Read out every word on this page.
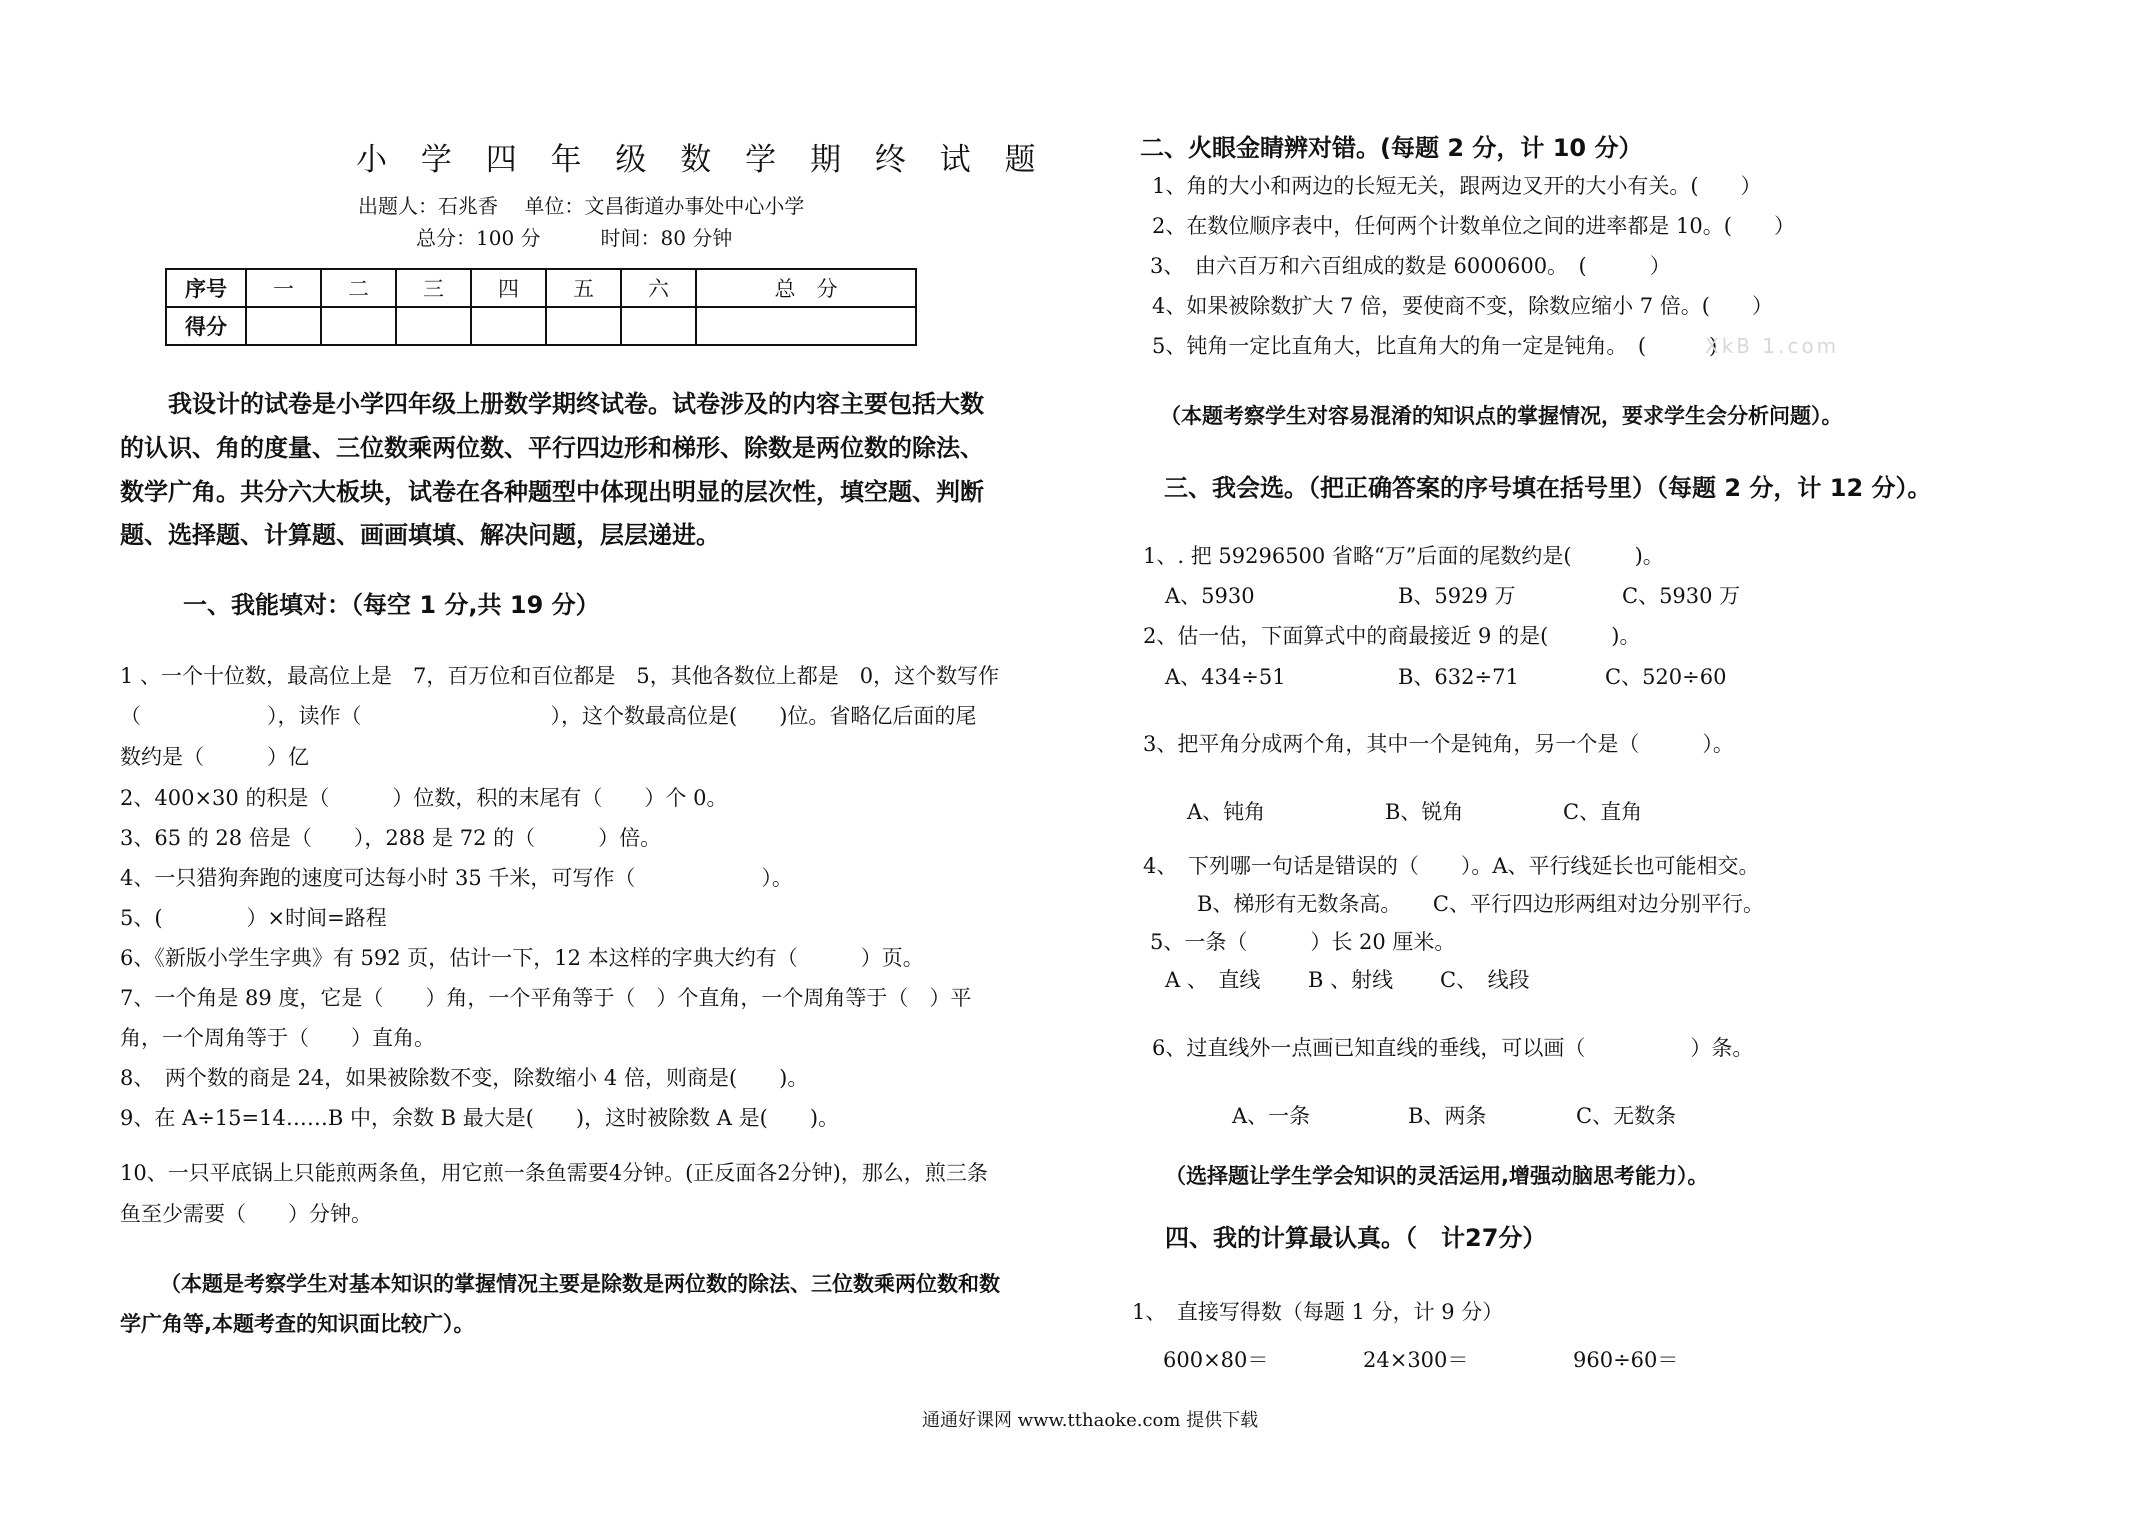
小 学 四 年 级 数 学 期 终 试 题
出题人：石兆香　 单位：文昌街道办事处中心小学
总分：100 分　　　时间：80 分钟
序号	一	二	三	四	五	六	总　分
得分							
我设计的试卷是小学四年级上册数学期终试卷。试卷涉及的内容主要包括大数
的认识、角的度量、三位数乘两位数、平行四边形和梯形、除数是两位数的除法、
数学广角。共分六大板块，试卷在各种题型中体现出明显的层次性，填空题、判断
题、选择题、计算题、画画填填、解决问题，层层递进。
一、我能填对：（每空 1 分,共 19 分）
1 、一个十位数，最高位上是　7，百万位和百位都是　5，其他各数位上都是　0，这个数写作
（　　　　　　），读作（　　　　　　　　　），这个数最高位是(　　)位。省略亿后面的尾
数约是（　　　）亿
2、400×30 的积是（　　　）位数，积的末尾有（　　）个 0。
3、65 的 28 倍是（　　），288 是 72 的（　　　）倍。
4、一只猎狗奔跑的速度可达每小时 35 千米，可写作（　　　　　　）。
5、(　　　　）×时间=路程
6、《新版小学生字典》有 592 页，估计一下，12 本这样的字典大约有（　　　）页。
7、一个角是 89 度，它是（　　）角，一个平角等于（　）个直角，一个周角等于（　）平
角，一个周角等于（　　）直角。
8、　两个数的商是 24，如果被除数不变，除数缩小 4 倍，则商是(　　)。
9、在 A÷15=14……B 中，余数 B 最大是(　　)，这时被除数 A 是(　　)。
10、一只平底锅上只能煎两条鱼，用它煎一条鱼需要4分钟。(正反面各2分钟)，那么，煎三条
鱼至少需要（　　）分钟。
（本题是考察学生对基本知识的掌握情况主要是除数是两位数的除法、三位数乘两位数和数
学广角等,本题考查的知识面比较广）。
二、火眼金睛辨对错。(每题 2 分，计 10 分）
1、角的大小和两边的长短无关，跟两边叉开的大小有关。(　　）
2、在数位顺序表中，任何两个计数单位之间的进率都是 10。(　　）
3、　由六百万和六百组成的数是 6000600。　(　　　）
4、如果被除数扩大 7 倍，要使商不变，除数应缩小 7 倍。(　　）
5、钝角一定比直角大，比直角大的角一定是钝角。　(　　　)
XkB 1.com
（本题考察学生对容易混淆的知识点的掌握情况，要求学生会分析问题）。
三、我会选。（把正确答案的序号填在括号里）（每题 2 分，计 12 分）。
1、. 把 59296500 省略“万”后面的尾数约是(　　　)。
A、5930	B、5929 万	C、5930 万
2、估一估，下面算式中的商最接近 9 的是(　　　)。
A、434÷51	B、632÷71	C、520÷60
3、把平角分成两个角，其中一个是钝角，另一个是（　　　）。
A、钝角	B、锐角	C、直角
4、　下列哪一句话是错误的（　　）。A、平行线延长也可能相交。
B、梯形有无数条高。　　C、平行四边形两组对边分别平行。
5、一条（　　　）长 20 厘米。
A 、　直线 B 、射线 C、　线段
6、过直线外一点画已知直线的垂线，可以画（　　　　　）条。
A、一条	B、两条	C、无数条
（选择题让学生学会知识的灵活运用,增强动脑思考能力）。
四、我的计算最认真。（　计27分）
1、　直接写得数（每题 1 分，计 9 分）
600×80＝	24×300＝	960÷60＝
通通好课网 www.tthaoke.com 提供下载
